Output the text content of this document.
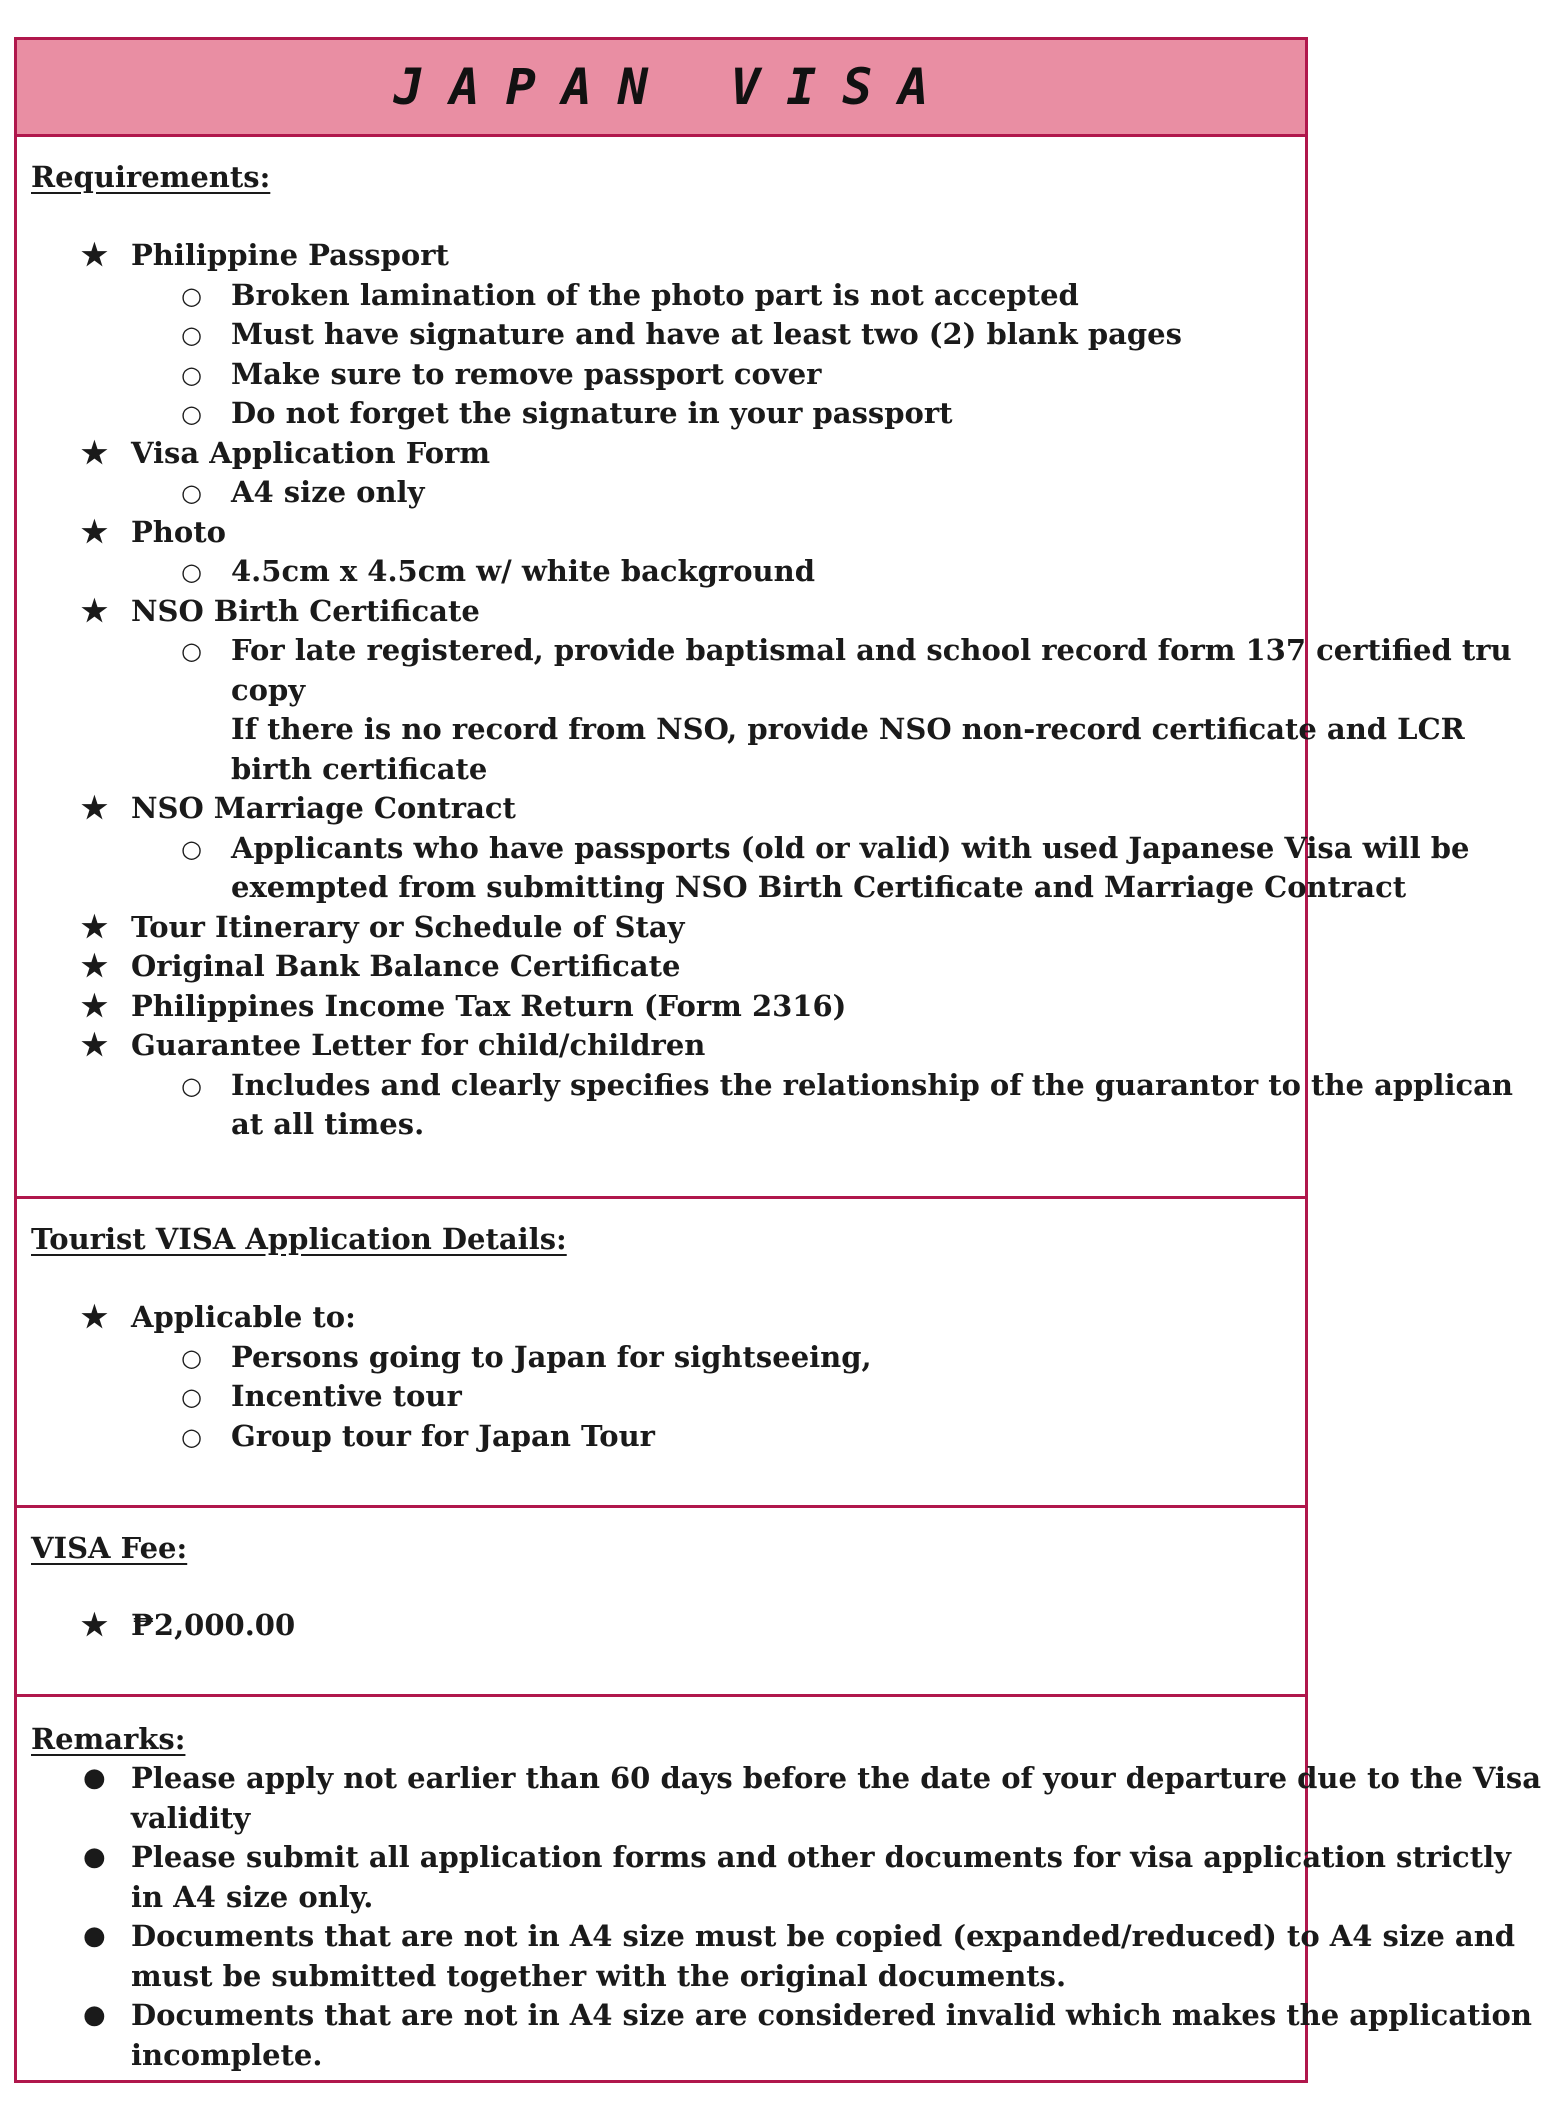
JAPAN VISA
Requirements:
★ Philippine Passport
○ Broken lamination of the photo part is not accepted
○ Must have signature and have at least two (2) blank pages
○ Make sure to remove passport cover
○ Do not forget the signature in your passport
★ Visa Application Form
○ A4 size only
★ Photo
○ 4.5cm x 4.5cm w/ white background
★ NSO Birth Certificate
○ For late registered, provide baptismal and school record form 137 certified tru
copy
If there is no record from NSO, provide NSO non-record certificate and LCR
birth certificate
★ NSO Marriage Contract
○ Applicants who have passports (old or valid) with used Japanese Visa will be
exempted from submitting NSO Birth Certificate and Marriage Contract
★ Tour Itinerary or Schedule of Stay
★ Original Bank Balance Certificate
★ Philippines Income Tax Return (Form 2316)
★ Guarantee Letter for child/children
○ Includes and clearly specifies the relationship of the guarantor to the applican
at all times.
Tourist VISA Application Details:
★ Applicable to:
○ Persons going to Japan for sightseeing,
○ Incentive tour
○ Group tour for Japan Tour
VISA Fee:
★ ₱2,000.00
Remarks:
● Please apply not earlier than 60 days before the date of your departure due to the Visa
validity
● Please submit all application forms and other documents for visa application strictly
in A4 size only.
● Documents that are not in A4 size must be copied (expanded/reduced) to A4 size and
must be submitted together with the original documents.
● Documents that are not in A4 size are considered invalid which makes the application
incomplete.
